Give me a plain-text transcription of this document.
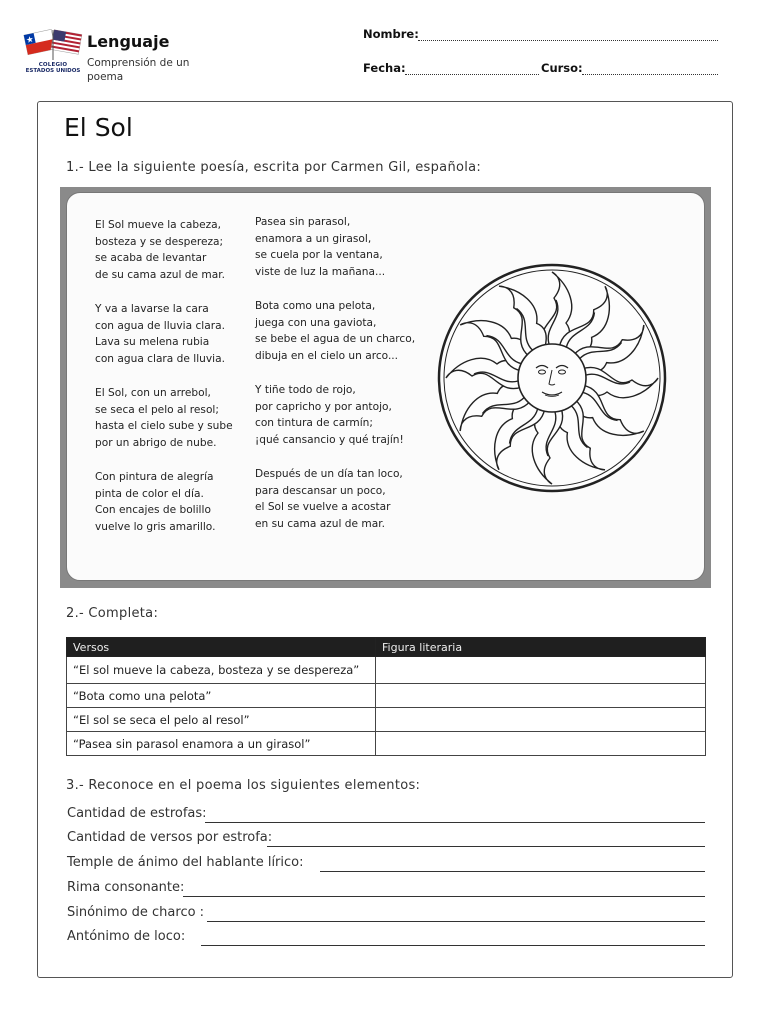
COLEGIO
ESTADOS UNIDOS
Lenguaje
Comprensión de un poema
Nombre:
Fecha:	Curso:
El Sol
1.- Lee la siguiente poesía, escrita por Carmen Gil, española:
El Sol mueve la cabeza,
bosteza y se despereza;
se acaba de levantar
de su cama azul de mar.
Y va a lavarse la cara
con agua de lluvia clara.
Lava su melena rubia
con agua clara de lluvia.
El Sol, con un arrebol,
se seca el pelo al resol;
hasta el cielo sube y sube
por un abrigo de nube.
Con pintura de alegría
pinta de color el día.
Con encajes de bolillo
vuelve lo gris amarillo.
Pasea sin parasol,
enamora a un girasol,
se cuela por la ventana,
viste de luz la mañana...
Bota como una pelota,
juega con una gaviota,
se bebe el agua de un charco,
dibuja en el cielo un arco...
Y tiñe todo de rojo,
por capricho y por antojo,
con tintura de carmín;
¡qué cansancio y qué trajín!
Después de un día tan loco,
para descansar un poco,
el Sol se vuelve a acostar
en su cama azul de mar.
2.- Completa:
Versos	Figura literaria
“El sol mueve la cabeza, bosteza y se despereza”	
“Bota como una pelota”	
“El sol se seca el pelo al resol”	
“Pasea sin parasol enamora a un girasol”	
3.- Reconoce en el poema los siguientes elementos:
Cantidad de estrofas:
Cantidad de versos por estrofa:
Temple de ánimo del hablante lírico:
Rima consonante:
Sinónimo de charco :
Antónimo de loco:
